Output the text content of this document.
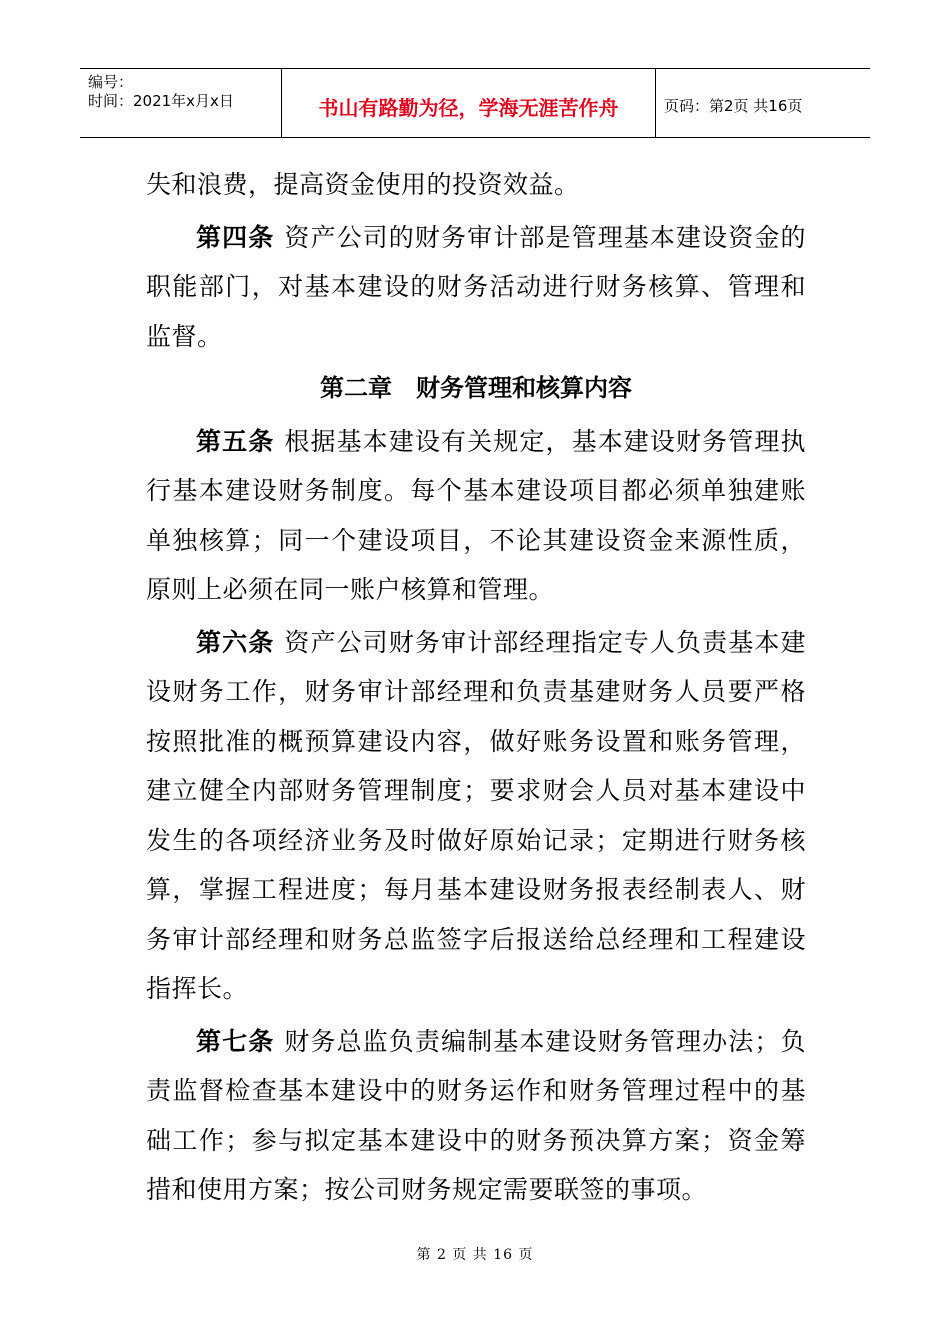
编号：
时间：2021年x月x日	书山有路勤为径，学海无涯苦作舟	页码：第2页 共16页

失和浪费，提高资金使用的投资效益。

第四条 资产公司的财务审计部是管理基本建设资金的职能部门，对基本建设的财务活动进行财务核算、管理和监督。

第二章　财务管理和核算内容

第五条 根据基本建设有关规定，基本建设财务管理执行基本建设财务制度。每个基本建设项目都必须单独建账单独核算；同一个建设项目，不论其建设资金来源性质，原则上必须在同一账户核算和管理。

第六条 资产公司财务审计部经理指定专人负责基本建设财务工作，财务审计部经理和负责基建财务人员要严格按照批准的概预算建设内容，做好账务设置和账务管理，建立健全内部财务管理制度；要求财会人员对基本建设中发生的各项经济业务及时做好原始记录；定期进行财务核算，掌握工程进度；每月基本建设财务报表经制表人、财务审计部经理和财务总监签字后报送给总经理和工程建设指挥长。

第七条 财务总监负责编制基本建设财务管理办法；负责监督检查基本建设中的财务运作和财务管理过程中的基础工作；参与拟定基本建设中的财务预决算方案；资金筹措和使用方案；按公司财务规定需要联签的事项。

第 2 页 共 16 页
